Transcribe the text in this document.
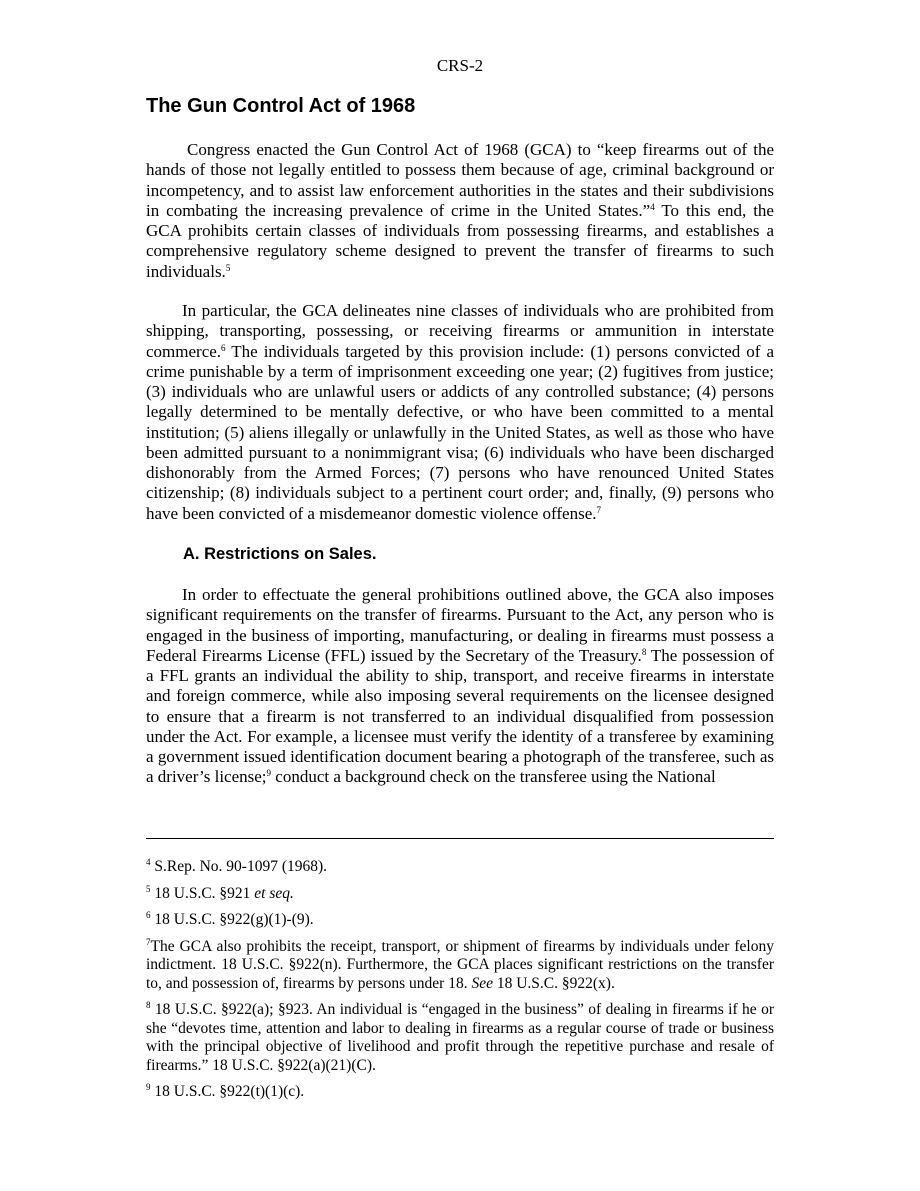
CRS-2
The Gun Control Act of 1968

Congress enacted the Gun Control Act of 1968 (GCA) to “keep firearms out of the hands of those not legally entitled to possess them because of age, criminal background or incompetency, and to assist law enforcement authorities in the states and their subdivisions in combating the increasing prevalence of crime in the United States.”$^4$ To this end, the GCA prohibits certain classes of individuals from possessing firearms, and establishes a comprehensive regulatory scheme designed to prevent the transfer of firearms to such individuals.$^5$

In particular, the GCA delineates nine classes of individuals who are prohibited from shipping, transporting, possessing, or receiving firearms or ammunition in interstate commerce.$^6$ The individuals targeted by this provision include: (1) persons convicted of a crime punishable by a term of imprisonment exceeding one year; (2) fugitives from justice; (3) individuals who are unlawful users or addicts of any controlled substance; (4) persons legally determined to be mentally defective, or who have been committed to a mental institution; (5) aliens illegally or unlawfully in the United States, as well as those who have been admitted pursuant to a nonimmigrant visa; (6) individuals who have been discharged dishonorably from the Armed Forces; (7) persons who have renounced United States citizenship; (8) individuals subject to a pertinent court order; and, finally, (9) persons who have been convicted of a misdemeanor domestic violence offense.$^7$

A. Restrictions on Sales.

In order to effectuate the general prohibitions outlined above, the GCA also imposes significant requirements on the transfer of firearms. Pursuant to the Act, any person who is engaged in the business of importing, manufacturing, or dealing in firearms must possess a Federal Firearms License (FFL) issued by the Secretary of the Treasury.$^8$ The possession of a FFL grants an individual the ability to ship, transport, and receive firearms in interstate and foreign commerce, while also imposing several requirements on the licensee designed to ensure that a firearm is not transferred to an individual disqualified from possession under the Act. For example, a licensee must verify the identity of a transferee by examining a government issued identification document bearing a photograph of the transferee, such as a driver’s license;$^9$ conduct a background check on the transferee using the National

$^4$ S.Rep. No. 90-1097 (1968).

$^5$ 18 U.S.C. §921 et seq.

$^6$ 18 U.S.C. §922(g)(1)-(9).

$^7$The GCA also prohibits the receipt, transport, or shipment of firearms by individuals under felony indictment. 18 U.S.C. §922(n). Furthermore, the GCA places significant restrictions on the transfer to, and possession of, firearms by persons under 18. See 18 U.S.C. §922(x).

$^8$ 18 U.S.C. §922(a); §923. An individual is “engaged in the business” of dealing in firearms if he or she “devotes time, attention and labor to dealing in firearms as a regular course of trade or business with the principal objective of livelihood and profit through the repetitive purchase and resale of firearms.” 18 U.S.C. §922(a)(21)(C).

$^9$ 18 U.S.C. §922(t)(1)(c).
